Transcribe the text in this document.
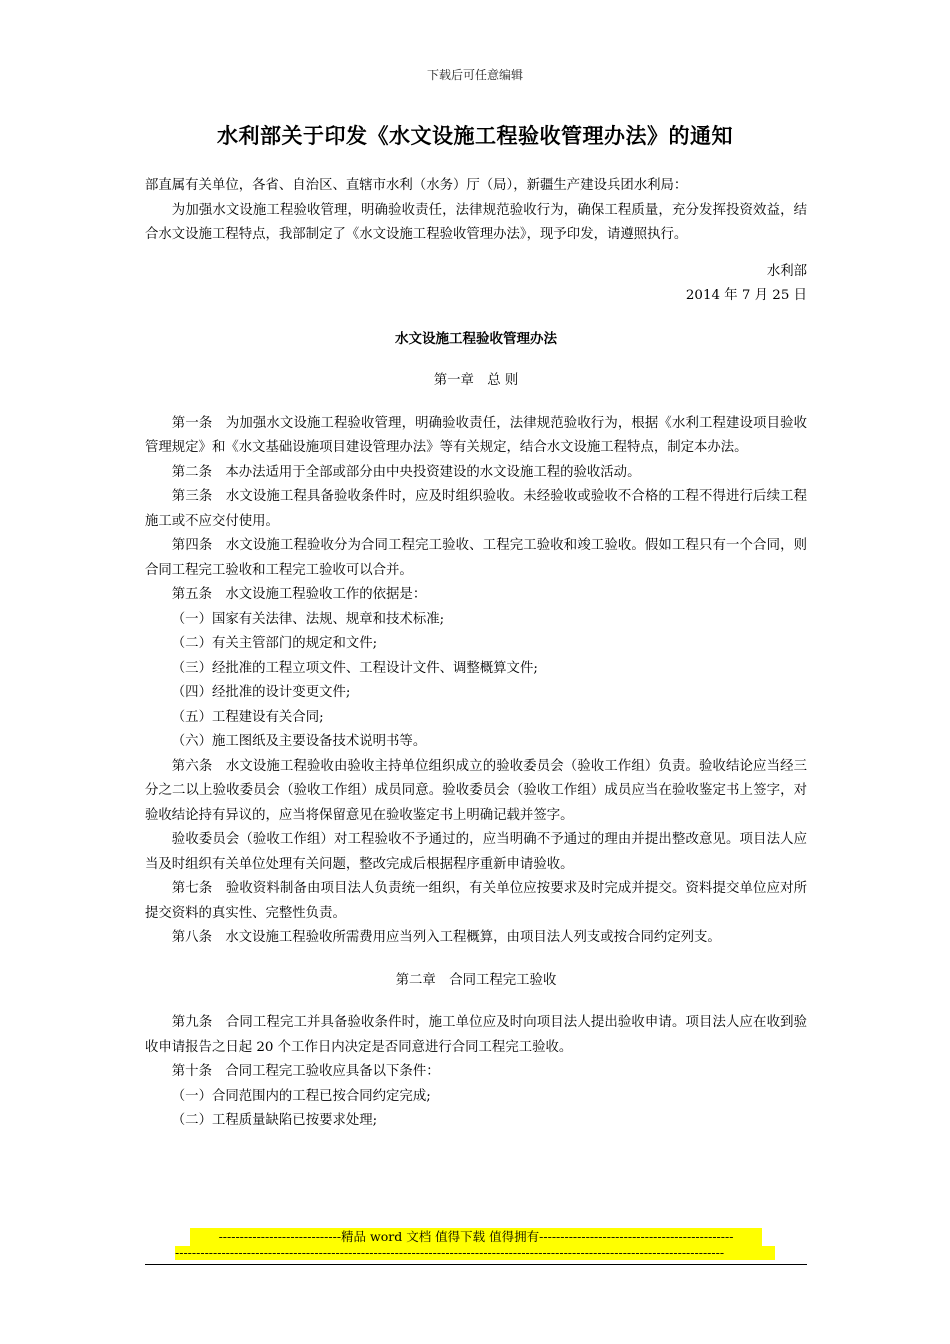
下载后可任意编辑
水利部关于印发《水文设施工程验收管理办法》的通知

部直属有关单位，各省、自治区、直辖市水利（水务）厅（局），新疆生产建设兵团水利局：

为加强水文设施工程验收管理，明确验收责任，法律规范验收行为，确保工程质量，充分发挥投资效益，结合水文设施工程特点，我部制定了《水文设施工程验收管理办法》，现予印发，请遵照执行。

水利部

2014 年 7 月 25 日

水文设施工程验收管理办法

第一章　总 则

第一条　为加强水文设施工程验收管理，明确验收责任，法律规范验收行为，根据《水利工程建设项目验收管理规定》和《水文基础设施项目建设管理办法》等有关规定，结合水文设施工程特点，制定本办法。

第二条　本办法适用于全部或部分由中央投资建设的水文设施工程的验收活动。

第三条　水文设施工程具备验收条件时，应及时组织验收。未经验收或验收不合格的工程不得进行后续工程施工或不应交付使用。

第四条　水文设施工程验收分为合同工程完工验收、工程完工验收和竣工验收。假如工程只有一个合同，则合同工程完工验收和工程完工验收可以合并。

第五条　水文设施工程验收工作的依据是：

（一）国家有关法律、法规、规章和技术标准;

（二）有关主管部门的规定和文件;

（三）经批准的工程立项文件、工程设计文件、调整概算文件;

（四）经批准的设计变更文件;

（五）工程建设有关合同;

（六）施工图纸及主要设备技术说明书等。

第六条　水文设施工程验收由验收主持单位组织成立的验收委员会（验收工作组）负责。验收结论应当经三分之二以上验收委员会（验收工作组）成员同意。验收委员会（验收工作组）成员应当在验收鉴定书上签字，对验收结论持有异议的，应当将保留意见在验收鉴定书上明确记载并签字。

验收委员会（验收工作组）对工程验收不予通过的，应当明确不予通过的理由并提出整改意见。项目法人应当及时组织有关单位处理有关问题，整改完成后根据程序重新申请验收。

第七条　验收资料制备由项目法人负责统一组织，有关单位应按要求及时完成并提交。资料提交单位应对所提交资料的真实性、完整性负责。

第八条　水文设施工程验收所需费用应当列入工程概算，由项目法人列支或按合同约定列支。

第二章　合同工程完工验收

第九条　合同工程完工并具备验收条件时，施工单位应及时向项目法人提出验收申请。项目法人应在收到验收申请报告之日起 20 个工作日内决定是否同意进行合同工程完工验收。

第十条　合同工程完工验收应具备以下条件：

（一）合同范围内的工程已按合同约定完成;

（二）工程质量缺陷已按要求处理;

-----------------------------精品 word 文档 值得下载 值得拥有----------------------------------------------
----------------------------------------------------------------------------------------------------------------------------------
